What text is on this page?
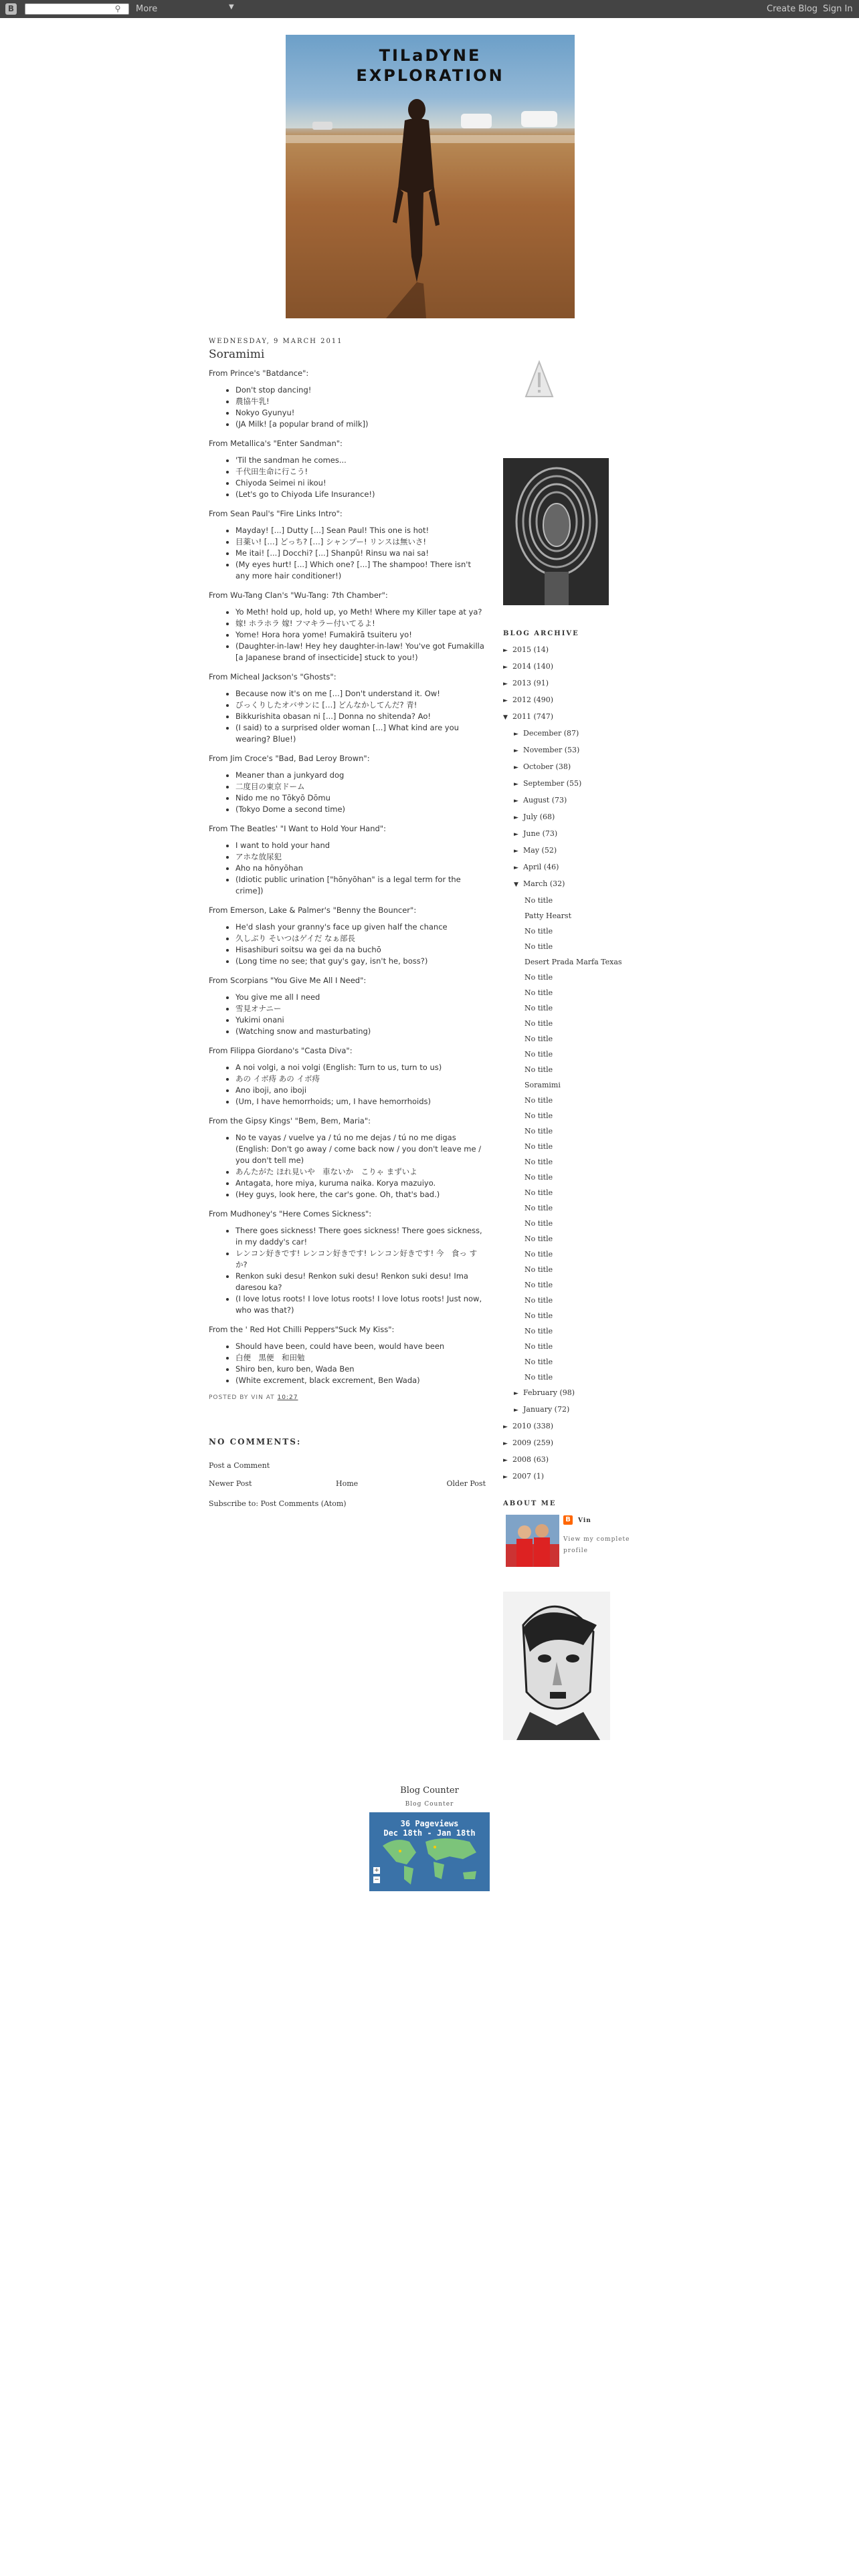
B	⚲ More	▼	Create Blog Sign In
TILaDYNE
EXPLORATION
WEDNESDAY, 9 MARCH 2011
Soramimi

From Prince's "Batdance":

• Don't stop dancing!
• 農協牛乳!
• Nokyo Gyunyu!
• (JA Milk! [a popular brand of milk])

From Metallica's "Enter Sandman":

• 'Til the sandman he comes...
• 千代田生命に行こう!
• Chiyoda Seimei ni ikou!
• (Let's go to Chiyoda Life Insurance!)

From Sean Paul's "Fire Links Intro":

• Mayday! [...] Dutty [...] Sean Paul! This one is hot!
• 目薬い! […] どっち? […] シャンプー! リンスは無いさ!
• Me itai! [...] Docchi? [...] Shanpū! Rinsu wa nai sa!
• (My eyes hurt! [...] Which one? [...] The shampoo! There isn't any more hair conditioner!)

From Wu-Tang Clan's "Wu-Tang: 7th Chamber":

• Yo Meth! hold up, hold up, yo Meth! Where my Killer tape at ya?
• 嫁! ホラホラ 嫁! フマキラー付いてるよ!
• Yome! Hora hora yome! Fumakirā tsuiteru yo!
• (Daughter-in-law! Hey hey daughter-in-law! You've got Fumakilla [a Japanese brand of insecticide] stuck to you!)

From Micheal Jackson's "Ghosts":

• Because now it's on me [...] Don't understand it. Ow!
• びっくりしたオバサンに […] どんなかしてんだ? 青!
• Bikkurishita obasan ni [...] Donna no shitenda? Ao!
• (I said) to a surprised older woman [...] What kind are you wearing? Blue!)

From Jim Croce's "Bad, Bad Leroy Brown":

• Meaner than a junkyard dog
• 二度目の東京ドーム
• Nido me no Tōkyō Dōmu
• (Tokyo Dome a second time)

From The Beatles' "I Want to Hold Your Hand":

• I want to hold your hand
• アホな放尿犯
• Aho na hōnyōhan
• (Idiotic public urination ["hōnyōhan" is a legal term for the crime])

From Emerson, Lake & Palmer's "Benny the Bouncer":

• He'd slash your granny's face up given half the chance
• 久しぶり そいつはゲイだ なぁ部長
• Hisashiburi soitsu wa gei da na buchō
• (Long time no see; that guy's gay, isn't he, boss?)

From Scorpians "You Give Me All I Need":

• You give me all I need
• 雪見オナニー
• Yukimi onani
• (Watching snow and masturbating)

From Filippa Giordano's "Casta Diva":

• A noi volgi, a noi volgi (English: Turn to us, turn to us)
• あの イボ痔 あの イボ痔
• Ano iboji, ano iboji
• (Um, I have hemorrhoids; um, I have hemorrhoids)

From the Gipsy Kings' "Bem, Bem, Maria":

• No te vayas / vuelve ya / tú no me dejas / tú no me digas (English: Don't go away / come back now / you don't leave me / you don't tell me)
• あんたがた ほれ見いや　車ないか　こりゃ まずいよ
• Antagata, hore miya, kuruma naika. Korya mazuiyo.
• (Hey guys, look here, the car's gone. Oh, that's bad.)

From Mudhoney's "Here Comes Sickness":

• There goes sickness! There goes sickness! There goes sickness, in my daddy's car!
• レンコン好きです! レンコン好きです! レンコン好きです! 今　食っ すか?
• Renkon suki desu! Renkon suki desu! Renkon suki desu! Ima daresou ka?
• (I love lotus roots! I love lotus roots! I love lotus roots! Just now, who was that?)

From the ' Red Hot Chilli Peppers"Suck My Kiss":

• Should have been, could have been, would have been
• 白便　黒便　和田勉
• Shiro ben, kuro ben, Wada Ben
• (White excrement, black excrement, Ben Wada)
POSTED BY VIN AT 10:27
NO COMMENTS:
Post a Comment
Newer Post	Home	Older Post
Subscribe to: Post Comments (Atom)
BLOG ARCHIVE
► 2015 (14)
► 2014 (140)
► 2013 (91)
► 2012 (490)
▼ 2011 (747)
► December (87)
► November (53)
► October (38)
► September (55)
► August (73)
► July (68)
► June (73)
► May (52)
► April (46)
▼ March (32)
No title
Patty Hearst
No title
No title
Desert Prada Marfa Texas
No title
No title
No title
No title
No title
No title
No title
Soramimi
No title
No title
No title
No title
No title
No title
No title
No title
No title
No title
No title
No title
No title
No title
No title
No title
No title
No title
No title
► February (98)
► January (72)
► 2010 (338)
► 2009 (259)
► 2008 (63)
► 2007 (1)
ABOUT ME
B	Vin
View my complete profile
Blog Counter
Blog Counter
36 Pageviews
Dec 18th - Jan 18th
+
−
